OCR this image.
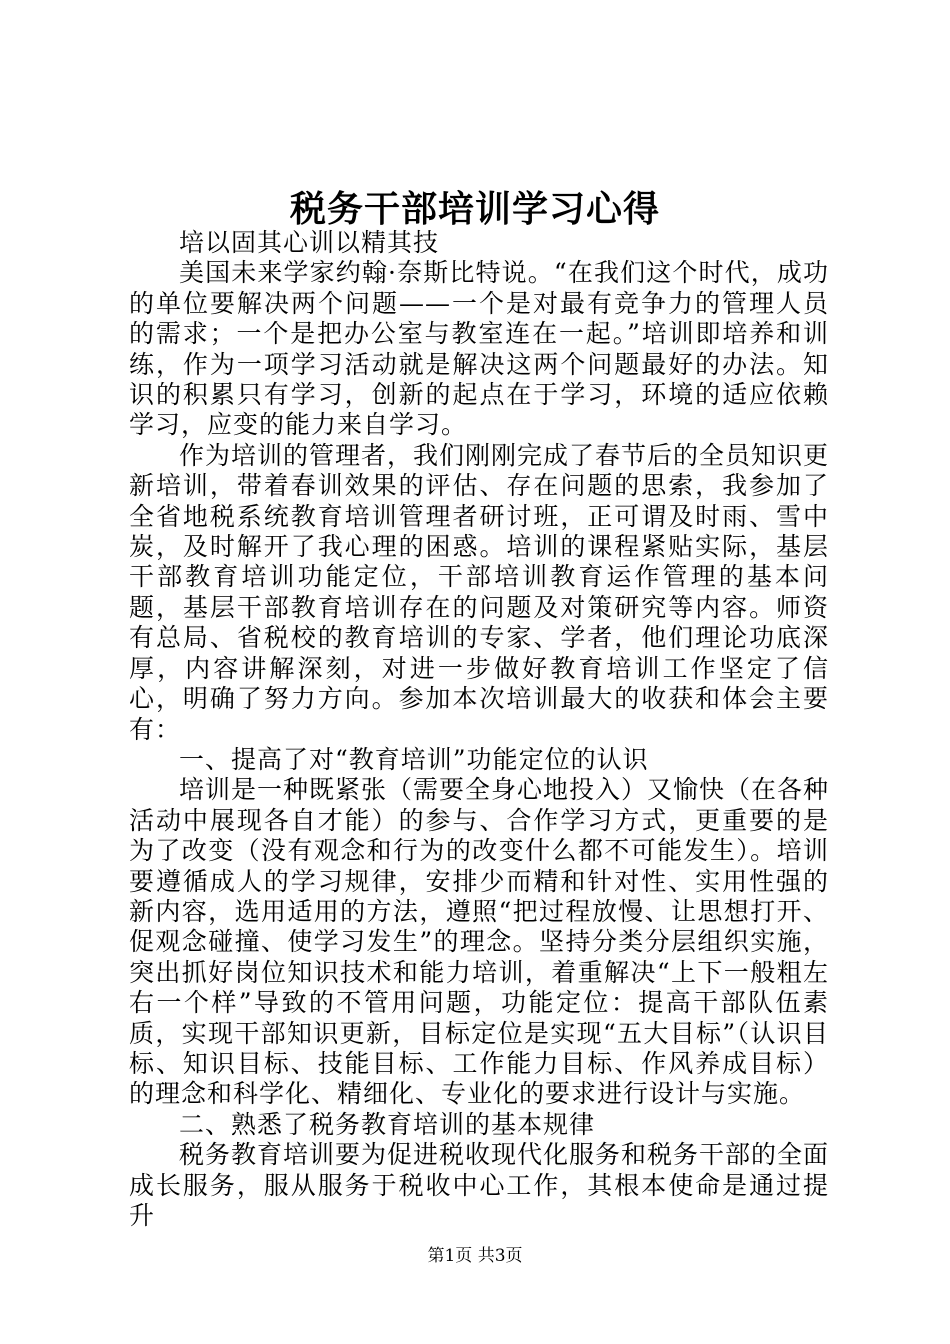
税务干部培训学习心得

培以固其心训以精其技

美国未来学家约翰·奈斯比特说。“在我们这个时代，成功的单位要解决两个问题——一个是对最有竞争力的管理人员的需求；一个是把办公室与教室连在一起。”培训即培养和训练，作为一项学习活动就是解决这两个问题最好的办法。知识的积累只有学习，创新的起点在于学习，环境的适应依赖学习，应变的能力来自学习。

作为培训的管理者，我们刚刚完成了春节后的全员知识更新培训，带着春训效果的评估、存在问题的思索，我参加了全省地税系统教育培训管理者研讨班，正可谓及时雨、雪中炭，及时解开了我心理的困惑。培训的课程紧贴实际，基层干部教育培训功能定位，干部培训教育运作管理的基本问题，基层干部教育培训存在的问题及对策研究等内容。师资有总局、省税校的教育培训的专家、学者，他们理论功底深厚，内容讲解深刻，对进一步做好教育培训工作坚定了信心，明确了努力方向。参加本次培训最大的收获和体会主要有：

一、提高了对“教育培训”功能定位的认识

培训是一种既紧张（需要全身心地投入）又愉快（在各种活动中展现各自才能）的参与、合作学习方式，更重要的是为了改变（没有观念和行为的改变什么都不可能发生）。培训要遵循成人的学习规律，安排少而精和针对性、实用性强的新内容，选用适用的方法，遵照“把过程放慢、让思想打开、促观念碰撞、使学习发生”的理念。坚持分类分层组织实施，突出抓好岗位知识技术和能力培训，着重解决“上下一般粗左右一个样”导致的不管用问题，功能定位：提高干部队伍素质，实现干部知识更新，目标定位是实现“五大目标”（认识目标、知识目标、技能目标、工作能力目标、作风养成目标）的理念和科学化、精细化、专业化的要求进行设计与实施。

二、熟悉了税务教育培训的基本规律

税务教育培训要为促进税收现代化服务和税务干部的全面成长服务，服从服务于税收中心工作，其根本使命是通过提升

第1页 共3页
